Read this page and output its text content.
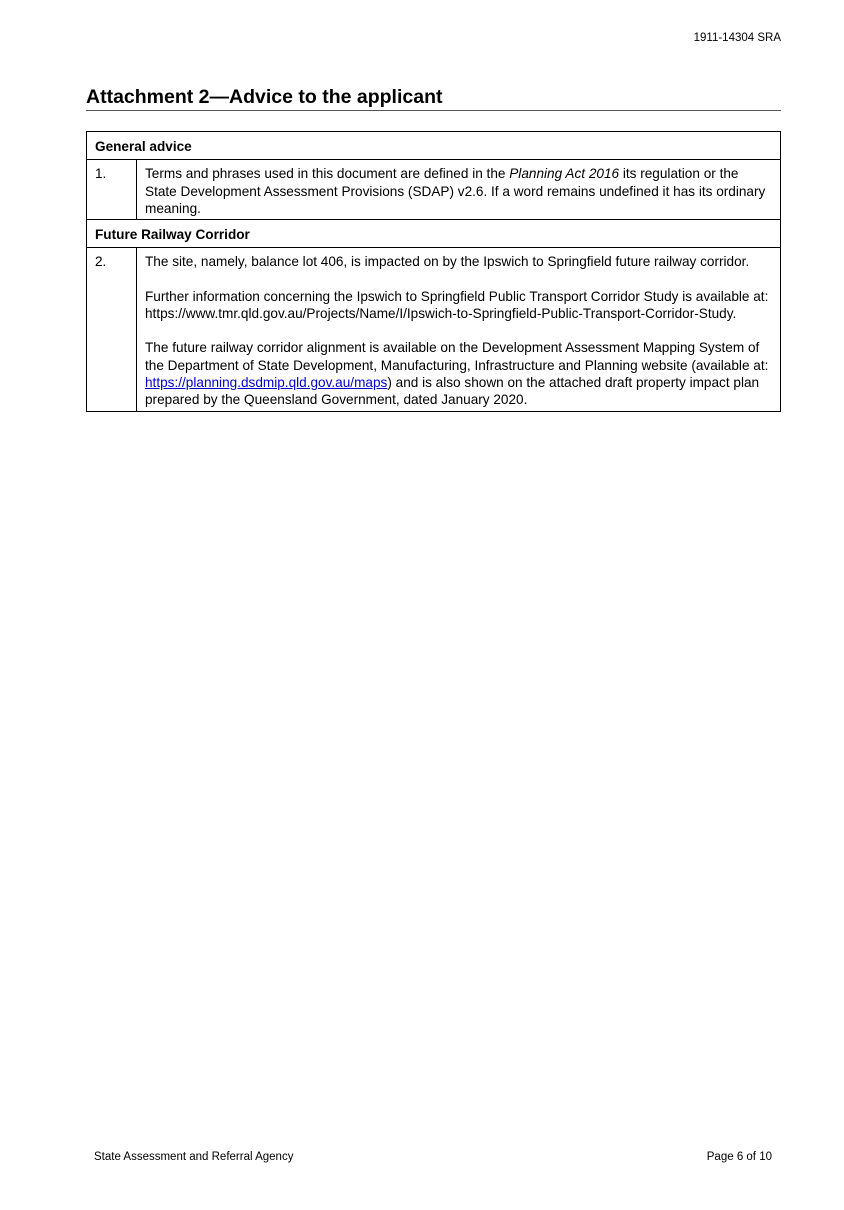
1911-14304 SRA
Attachment 2—Advice to the applicant
General advice	
1.	Terms and phrases used in this document are defined in the Planning Act 2016 its regulation or the State Development Assessment Provisions (SDAP) v2.6. If a word remains undefined it has its ordinary meaning.
Future Railway Corridor	
2.	The site, namely, balance lot 406, is impacted on by the Ipswich to Springfield future railway corridor.

Further information concerning the Ipswich to Springfield Public Transport Corridor Study is available at: https://www.tmr.qld.gov.au/Projects/Name/I/Ipswich-to-Springfield-Public-Transport-Corridor-Study.

The future railway corridor alignment is available on the Development Assessment Mapping System of the Department of State Development, Manufacturing, Infrastructure and Planning website (available at: https://planning.dsdmip.qld.gov.au/maps) and is also shown on the attached draft property impact plan prepared by the Queensland Government, dated January 2020.

State Assessment and Referral Agency	Page 6 of 10
